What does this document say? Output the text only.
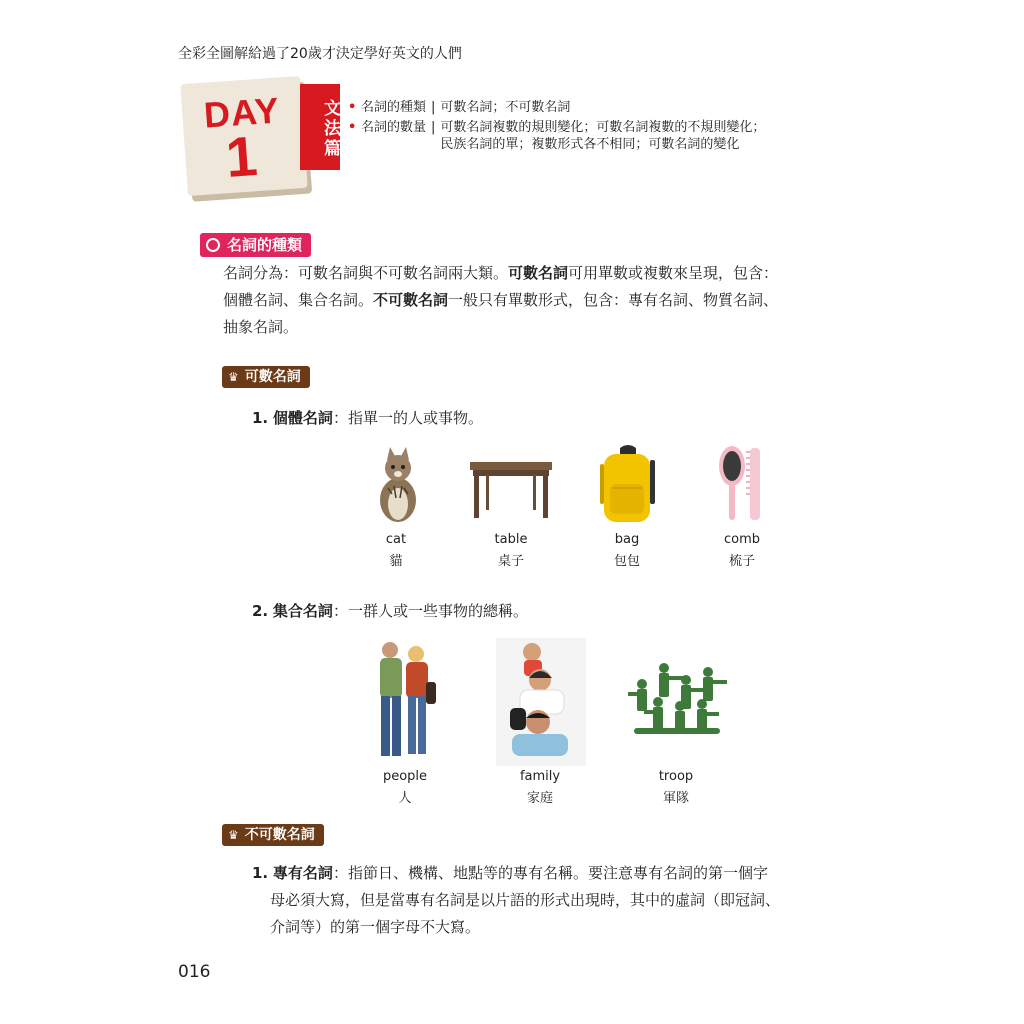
全彩全圖解給過了20歲才決定學好英文的人們
DAY
1	文法篇 • 名詞的種類 | 可數名詞；不可數名詞
• 名詞的數量 | 可數名詞複數的規則變化；可數名詞複數的不規則變化；
民族名詞的單；複數形式各不相同；可數名詞的變化
名詞的種類
名詞分為：可數名詞與不可數名詞兩大類。可數名詞可用單數或複數來呈現，包含：
個體名詞、集合名詞。不可數名詞一般只有單數形式，包含：專有名詞、物質名詞、
抽象名詞。
♛ 可數名詞
1. 個體名詞：指單一的人或事物。
cat
貓
table
桌子
bag
包包
comb
梳子
2. 集合名詞：一群人或一些事物的總稱。
people
人
family
家庭
troop
軍隊
♛ 不可數名詞
1. 專有名詞：指節日、機構、地點等的專有名稱。要注意專有名詞的第一個字
母必須大寫，但是當專有名詞是以片語的形式出現時，其中的虛詞（即冠詞、
介詞等）的第一個字母不大寫。
016
